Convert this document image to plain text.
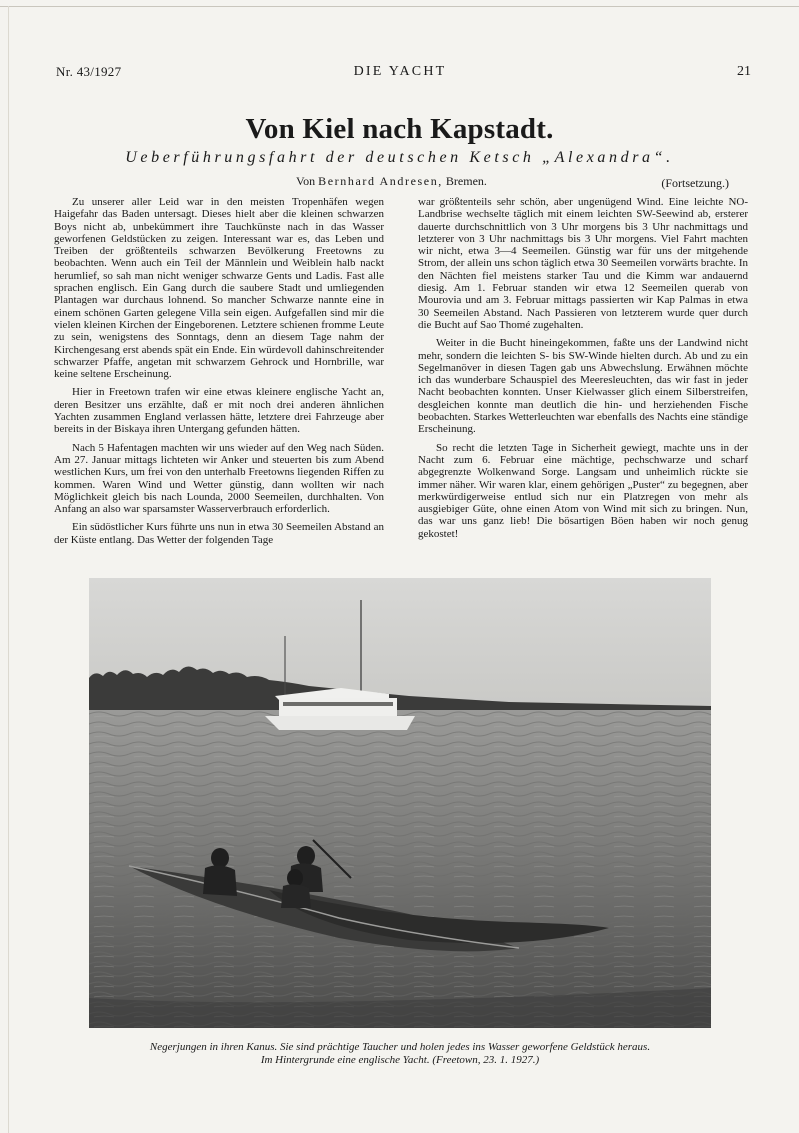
Nr. 43/1927	DIE YACHT	21
Von Kiel nach Kapstadt.
Ueberführungsfahrt der deutschen Ketsch „Alexandra“.
Von Bernhard Andresen, Bremen.	(Fortsetzung.)

Zu unserer aller Leid war in den meisten Tropenhäfen wegen Haigefahr das Baden untersagt. Dieses hielt aber die kleinen schwarzen Boys nicht ab, unbekümmert ihre Tauchkünste nach in das Wasser geworfenen Geldstücken zu zeigen. Interessant war es, das Leben und Treiben der größtenteils schwarzen Bevölkerung Freetowns zu beobachten. Wenn auch ein Teil der Männlein und Weiblein halb nackt herumlief, so sah man nicht weniger schwarze Gents und Ladis. Fast alle sprachen englisch. Ein Gang durch die saubere Stadt und umliegenden Plantagen war durchaus lohnend. So mancher Schwarze nannte eine in einem schönen Garten gelegene Villa sein eigen. Aufgefallen sind mir die vielen kleinen Kirchen der Eingeborenen. Letztere schienen fromme Leute zu sein, wenigstens des Sonntags, denn an diesem Tage nahm der Kirchengesang erst abends spät ein Ende. Ein würdevoll dahinschreitender schwarzer Pfaffe, angetan mit schwarzem Gehrock und Hornbrille, war keine seltene Erscheinung.

Hier in Freetown trafen wir eine etwas kleinere englische Yacht an, deren Besitzer uns erzählte, daß er mit noch drei anderen ähnlichen Yachten zusammen England verlassen hätte, letztere drei Fahrzeuge aber bereits in der Biskaya ihren Untergang gefunden hätten.

Nach 5 Hafentagen machten wir uns wieder auf den Weg nach Süden. Am 27. Januar mittags lichteten wir Anker und steuerten bis zum Abend westlichen Kurs, um frei von den unterhalb Freetowns liegenden Riffen zu kommen. Waren Wind und Wetter günstig, dann wollten wir nach Möglichkeit gleich bis nach Lounda, 2000 Seemeilen, durchhalten. Von Anfang an also war sparsamster Wasserverbrauch erforderlich.

Ein südöstlicher Kurs führte uns nun in etwa 30 Seemeilen Abstand an der Küste entlang. Das Wetter der folgenden Tage

war größtenteils sehr schön, aber ungenügend Wind. Eine leichte NO-Landbrise wechselte täglich mit einem leichten SW-Seewind ab, ersterer dauerte durchschnittlich von 3 Uhr morgens bis 3 Uhr nachmittags und letzterer von 3 Uhr nachmittags bis 3 Uhr morgens. Viel Fahrt machten wir nicht, etwa 3—4 Seemeilen. Günstig war für uns der mitgehende Strom, der allein uns schon täglich etwa 30 Seemeilen vorwärts brachte. In den Nächten fiel meistens starker Tau und die Kimm war andauernd diesig. Am 1. Februar standen wir etwa 12 Seemeilen querab von Mourovia und am 3. Februar mittags passierten wir Kap Palmas in etwa 30 Seemeilen Abstand. Nach Passieren von letzterem wurde quer durch die Bucht auf Sao Thomé zugehalten.

Weiter in die Bucht hineingekommen, faßte uns der Landwind nicht mehr, sondern die leichten S- bis SW-Winde hielten durch. Ab und zu ein Segelmanöver in diesen Tagen gab uns Abwechslung. Erwähnen möchte ich das wunderbare Schauspiel des Meeresleuchten, das wir fast in jeder Nacht beobachten konnten. Unser Kielwasser glich einem Silberstreifen, desgleichen konnte man deutlich die hin- und herziehenden Fische beobachten. Starkes Wetterleuchten war ebenfalls des Nachts eine ständige Erscheinung.

So recht die letzten Tage in Sicherheit gewiegt, machte uns in der Nacht zum 6. Februar eine mächtige, pechschwarze und scharf abgegrenzte Wolkenwand Sorge. Langsam und unheimlich rückte sie immer näher. Wir waren klar, einem gehörigen „Puster“ zu begegnen, aber merkwürdigerweise entlud sich nur ein Platzregen von mehr als ausgiebiger Güte, ohne einen Atom von Wind mit sich zu bringen. Nun, das war uns ganz lieb! Die bösartigen Böen haben wir noch genug gekostet!

Negerjungen in ihren Kanus. Sie sind prächtige Taucher und holen jedes ins Wasser geworfene Geldstück heraus.
Im Hintergrunde eine englische Yacht. (Freetown, 23. 1. 1927.)
